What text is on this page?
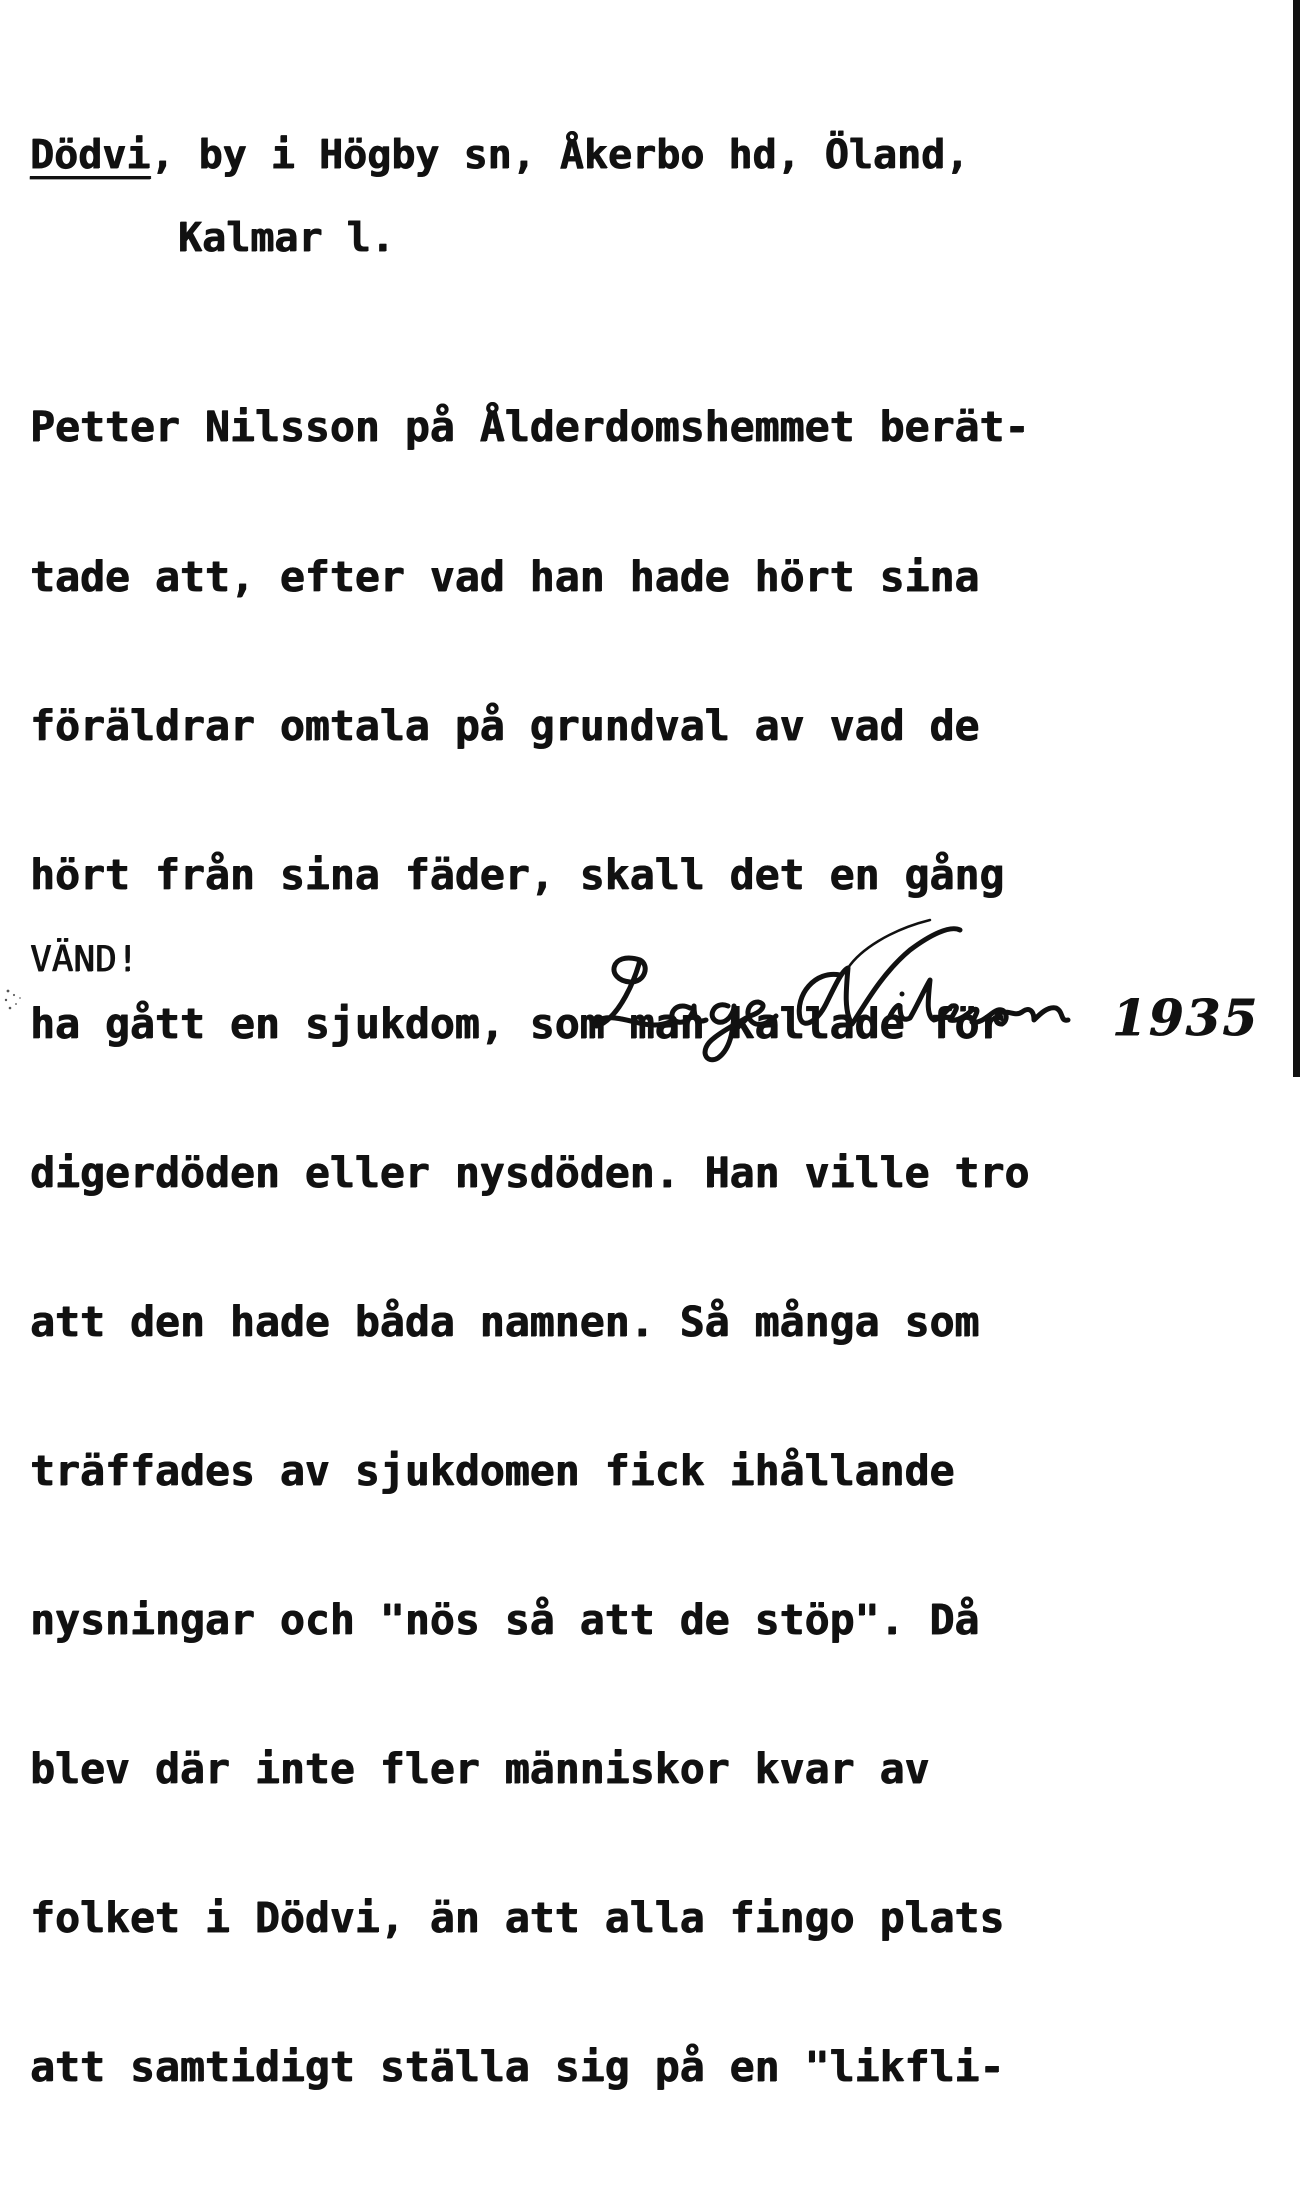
Dödvi, by i Högby sn, Åkerbo hd, Öland,
Kalmar l.

Petter Nilsson på Ålderdomshemmet berät-

tade att, efter vad han hade hört sina

föräldrar omtala på grundval av vad de

hört från sina fäder, skall det en gång

ha gått en sjukdom, som man kallade för

digerdöden eller nysdöden. Han ville tro

att den hade båda namnen. Så många som

träffades av sjukdomen fick ihållande

nysningar och "nös så att de stöp". Då

blev där inte fler människor kvar av

folket i Dödvi, än att alla fingo plats

att samtidigt ställa sig på en "likfli-

VÄND!
1935
